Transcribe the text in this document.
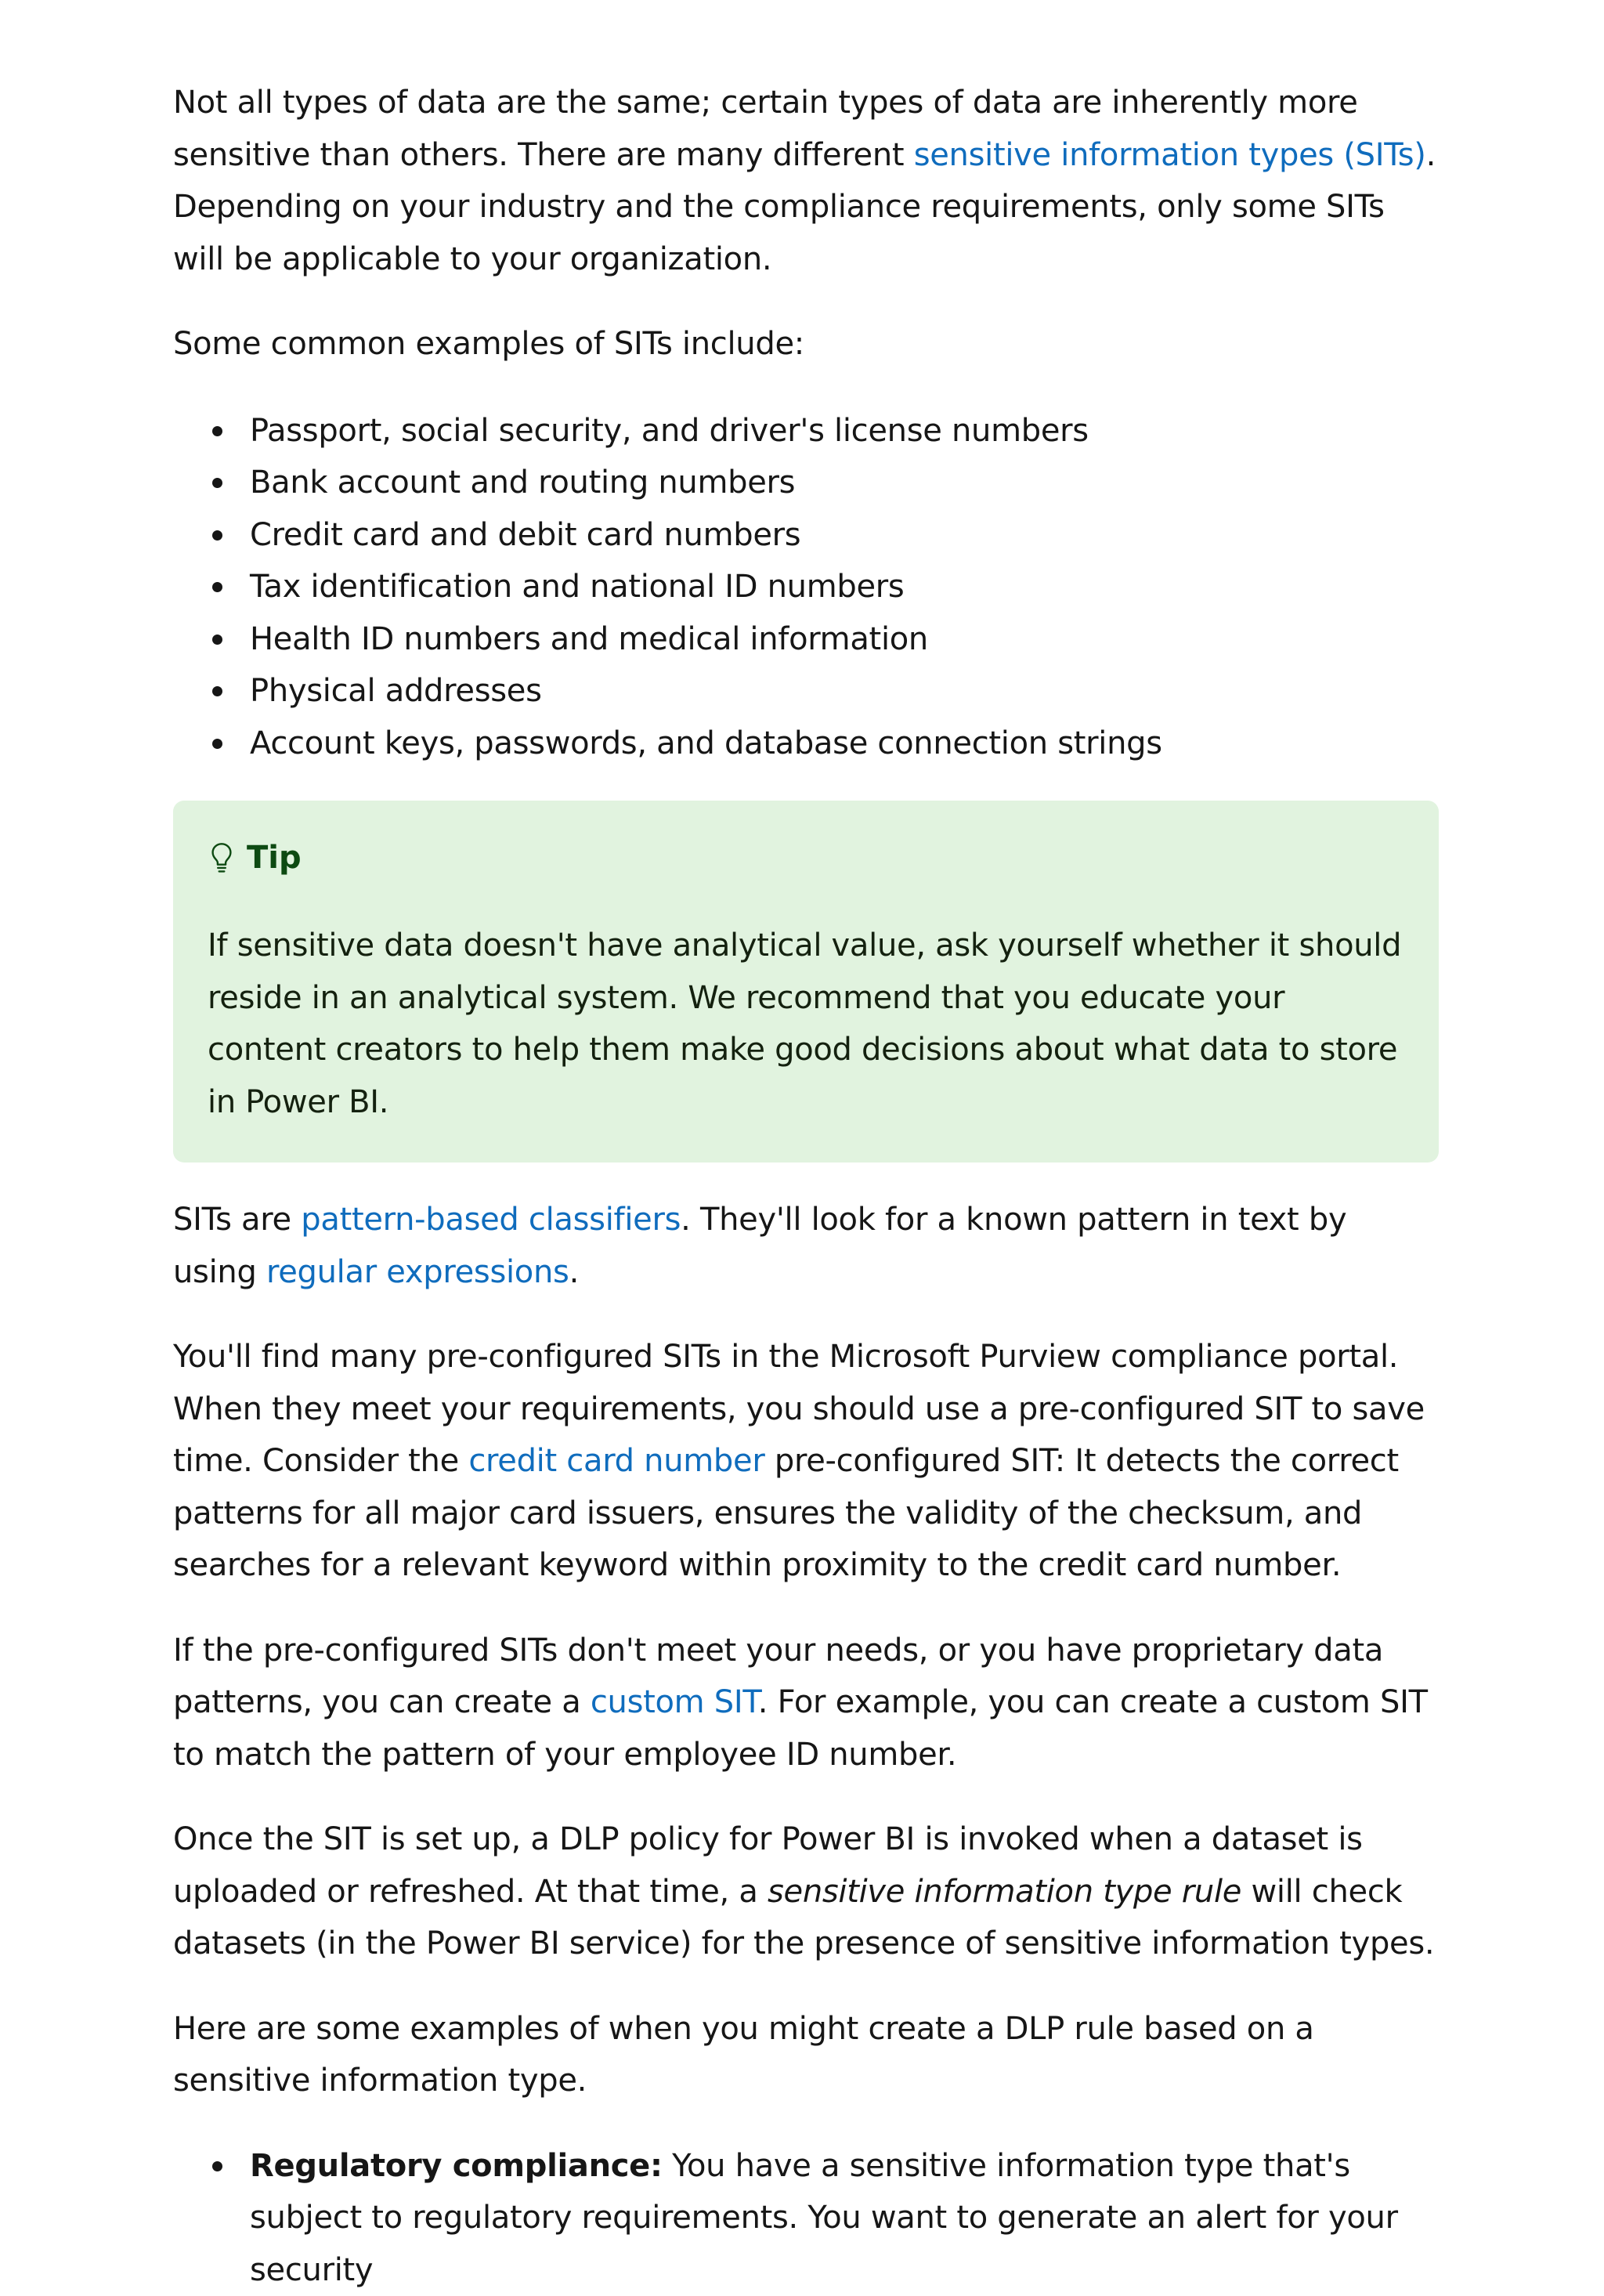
Not all types of data are the same; certain types of data are inherently more sensitive than others. There are many different sensitive information types (SITs). Depending on your industry and the compliance requirements, only some SITs will be applicable to your organization.

Some common examples of SITs include:

Passport, social security, and driver's license numbers
Bank account and routing numbers
Credit card and debit card numbers
Tax identification and national ID numbers
Health ID numbers and medical information
Physical addresses
Account keys, passwords, and database connection strings
Tip

If sensitive data doesn't have analytical value, ask yourself whether it should reside in an analytical system. We recommend that you educate your content creators to help them make good decisions about what data to store in Power BI.

SITs are pattern-based classifiers. They'll look for a known pattern in text by using regular expressions.

You'll find many pre-configured SITs in the Microsoft Purview compliance portal. When they meet your requirements, you should use a pre-configured SIT to save time. Consider the credit card number pre-configured SIT: It detects the correct patterns for all major card issuers, ensures the validity of the checksum, and searches for a relevant keyword within proximity to the credit card number.

If the pre-configured SITs don't meet your needs, or you have proprietary data patterns, you can create a custom SIT. For example, you can create a custom SIT to match the pattern of your employee ID number.

Once the SIT is set up, a DLP policy for Power BI is invoked when a dataset is uploaded or refreshed. At that time, a sensitive information type rule will check datasets (in the Power BI service) for the presence of sensitive information types.

Here are some examples of when you might create a DLP rule based on a sensitive information type.

Regulatory compliance: You have a sensitive information type that's subject to regulatory requirements. You want to generate an alert for your security
